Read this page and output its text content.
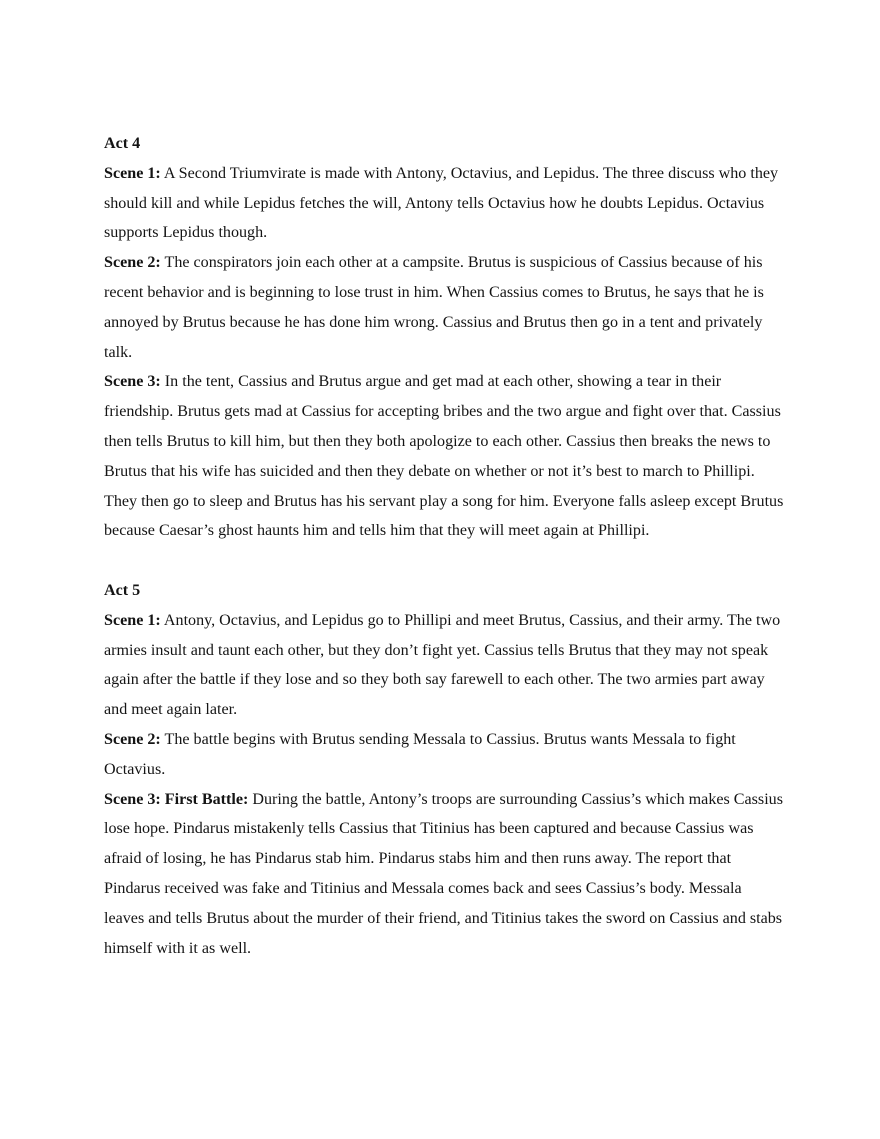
Act 4

Scene 1: A Second Triumvirate is made with Antony, Octavius, and Lepidus. The three discuss who they should kill and while Lepidus fetches the will, Antony tells Octavius how he doubts Lepidus. Octavius supports Lepidus though.

Scene 2: The conspirators join each other at a campsite. Brutus is suspicious of Cassius because of his recent behavior and is beginning to lose trust in him. When Cassius comes to Brutus, he says that he is annoyed by Brutus because he has done him wrong. Cassius and Brutus then go in a tent and privately talk.

Scene 3: In the tent, Cassius and Brutus argue and get mad at each other, showing a tear in their friendship. Brutus gets mad at Cassius for accepting bribes and the two argue and fight over that. Cassius then tells Brutus to kill him, but then they both apologize to each other. Cassius then breaks the news to Brutus that his wife has suicided and then they debate on whether or not it’s best to march to Phillipi. They then go to sleep and Brutus has his servant play a song for him. Everyone falls asleep except Brutus because Caesar’s ghost haunts him and tells him that they will meet again at Phillipi.

Act 5

Scene 1: Antony, Octavius, and Lepidus go to Phillipi and meet Brutus, Cassius, and their army. The two armies insult and taunt each other, but they don’t fight yet. Cassius tells Brutus that they may not speak again after the battle if they lose and so they both say farewell to each other. The two armies part away and meet again later.

Scene 2: The battle begins with Brutus sending Messala to Cassius. Brutus wants Messala to fight Octavius.

Scene 3: First Battle: During the battle, Antony’s troops are surrounding Cassius’s which makes Cassius lose hope. Pindarus mistakenly tells Cassius that Titinius has been captured and because Cassius was afraid of losing, he has Pindarus stab him. Pindarus stabs him and then runs away. The report that Pindarus received was fake and Titinius and Messala comes back and sees Cassius’s body. Messala leaves and tells Brutus about the murder of their friend, and Titinius takes the sword on Cassius and stabs himself with it as well.
